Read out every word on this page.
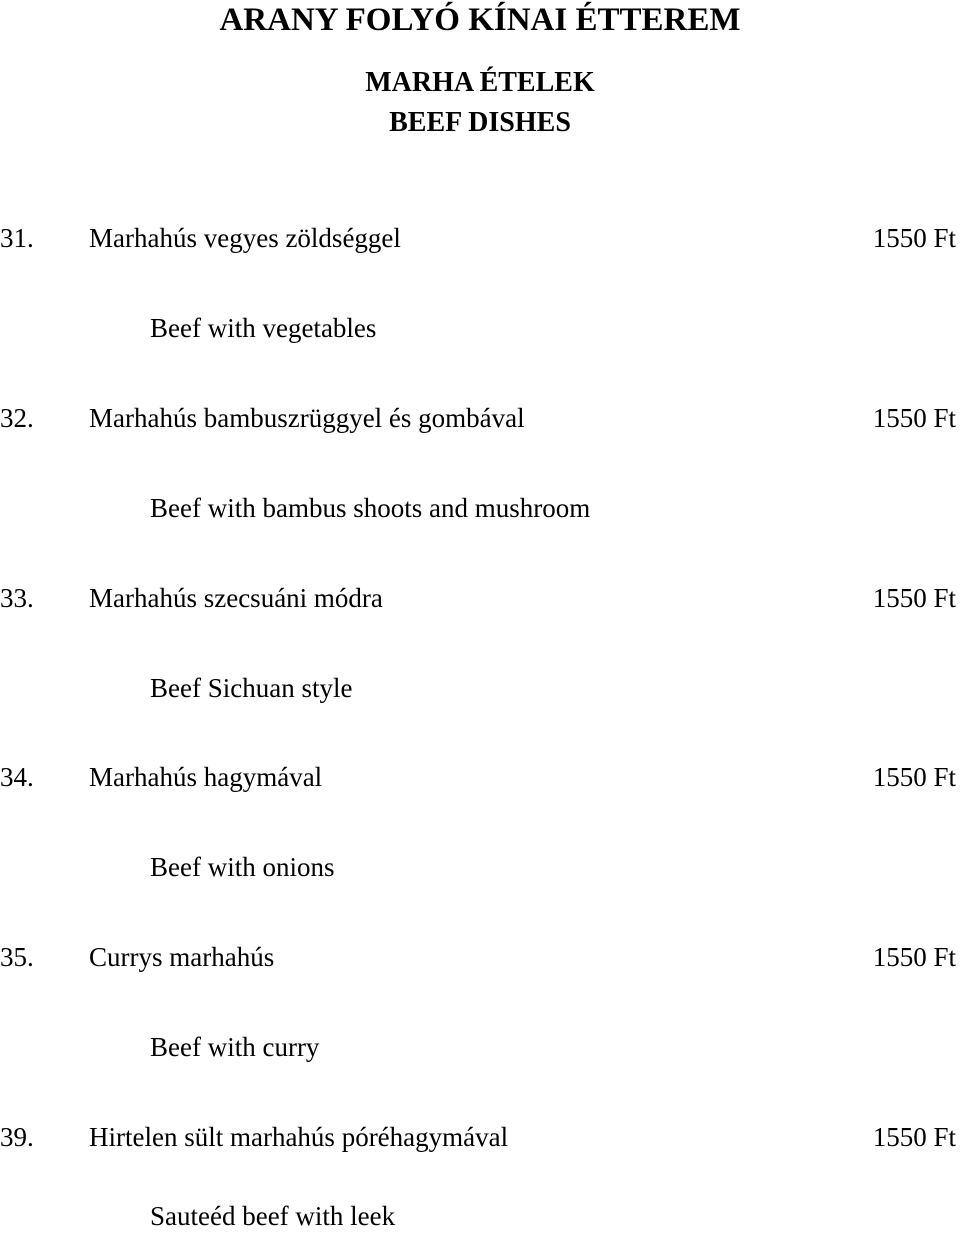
ARANY FOLYÓ KÍNAI ÉTTEREM
MARHA ÉTELEK
BEEF DISHES
31. Marhahús vegyes zöldséggel	1550 Ft
Beef with vegetables
32. Marhahús bambuszrüggyel és gombával	1550 Ft
Beef with bambus shoots and mushroom
33. Marhahús szecsuáni módra	1550 Ft
Beef Sichuan style
34. Marhahús hagymával	1550 Ft
Beef with onions
35. Currys marhahús	1550 Ft
Beef with curry
39. Hirtelen sült marhahús póréhagymával	1550 Ft
Sauteéd beef with leek
